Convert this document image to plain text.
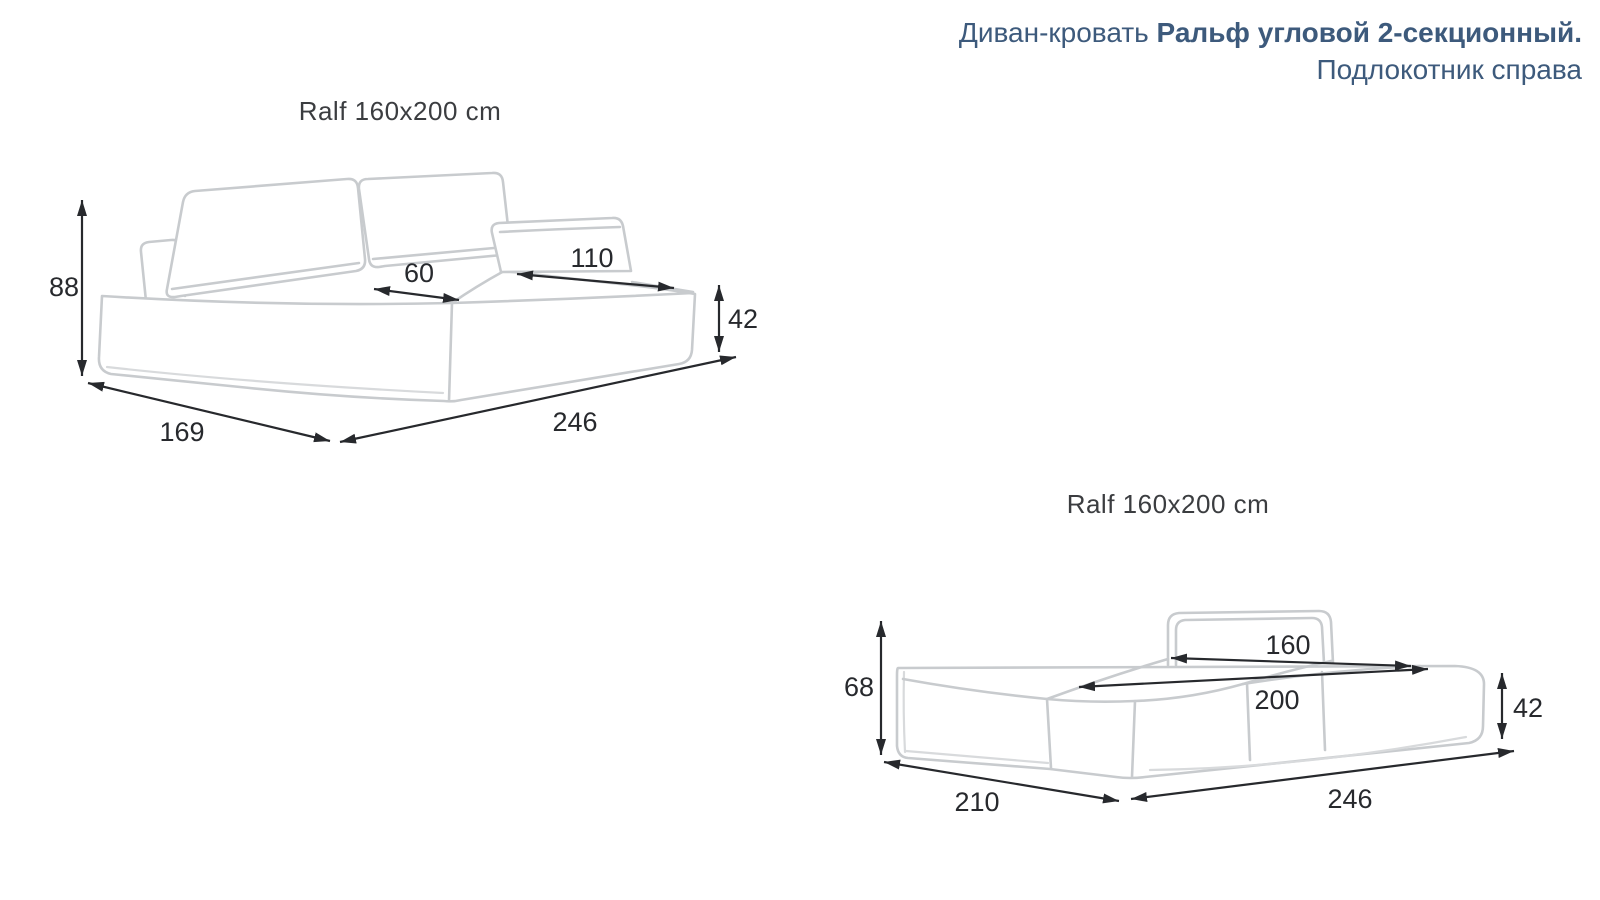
Диван-кровать Ральф угловой 2-секционный.
Подлокотник справа
Ralf 160x200 cm
Ralf 160x200 cm
88
169	246
60	110
42
68
210	246
160
200	42
